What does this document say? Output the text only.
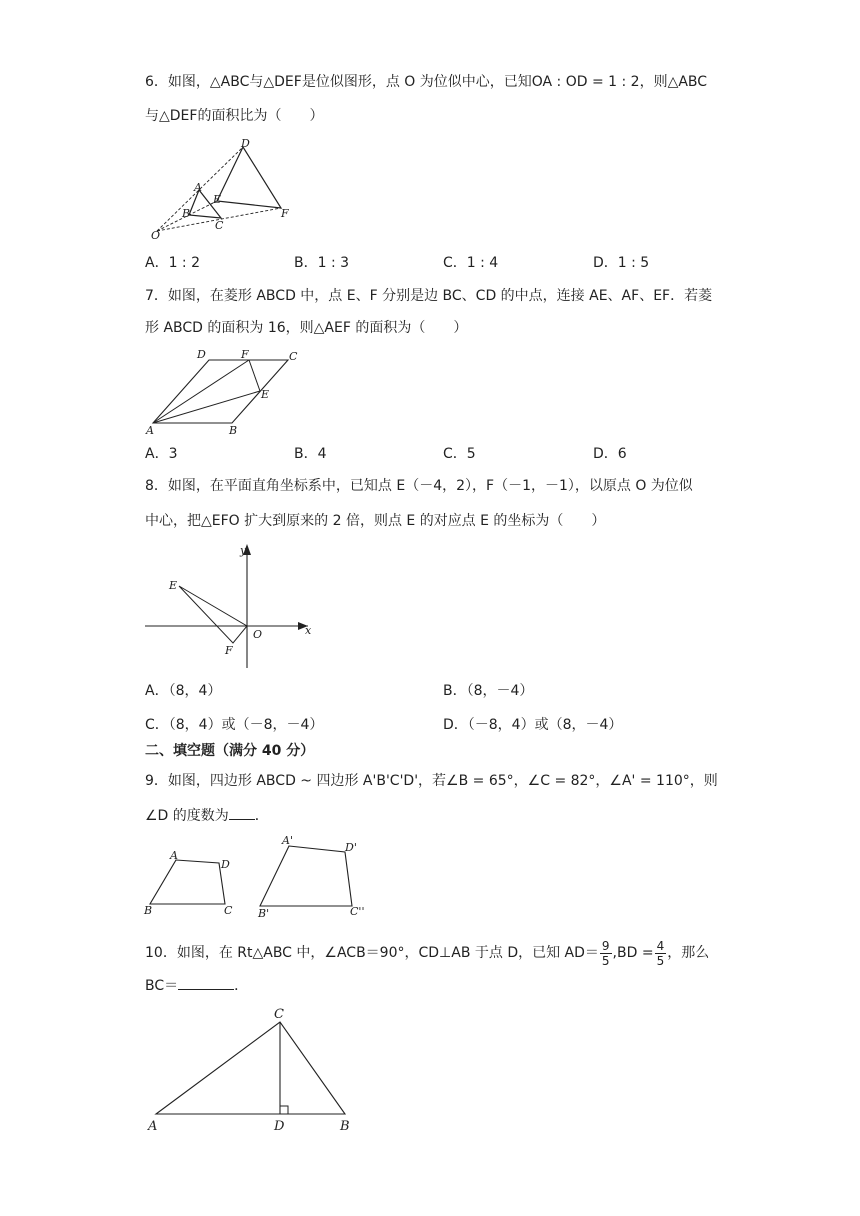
6．如图，△ABC与△DEF是位似图形，点 O 为位似中心，已知OA : OD = 1 : 2，则△ABC
与△DEF的面积比为（　　）
D
A
E
B
C
F
O
A．1 : 2	B．1 : 3	C．1 : 4	D．1 : 5
7．如图，在菱形 ABCD 中，点 E、F 分别是边 BC、CD 的中点，连接 AE、AF、EF．若菱
形 ABCD 的面积为 16，则△AEF 的面积为（　　）
D	F	C
E
A	B
A．3	B．4	C．5	D．6
8．如图，在平面直角坐标系中，已知点 E（－4，2），F（－1，－1），以原点 O 为位似
中心，把△EFO 扩大到原来的 2 倍，则点 E 的对应点 E 的坐标为（　　）
y
x
E
O
F
A．（8，4）	B．（8，－4）
C．（8，4）或（－8，－4）	D．（－8，4）或（8，－4）
二、填空题（满分 40 分）
9．如图，四边形 ABCD ~ 四边形 A'B'C'D'，若∠B = 65°，∠C = 82°，∠A' = 110°，则
∠D 的度数为 ．
A
D
B	C
A'
D'
B'	C''
10．如图，在 Rt△ABC 中，∠ACB＝90°，CD⊥AB 于点 D，已知 $AD= \frac{9}{5} ,BD = \frac{4}{5}$ ，那么
BC＝	．
C
A	D	B
